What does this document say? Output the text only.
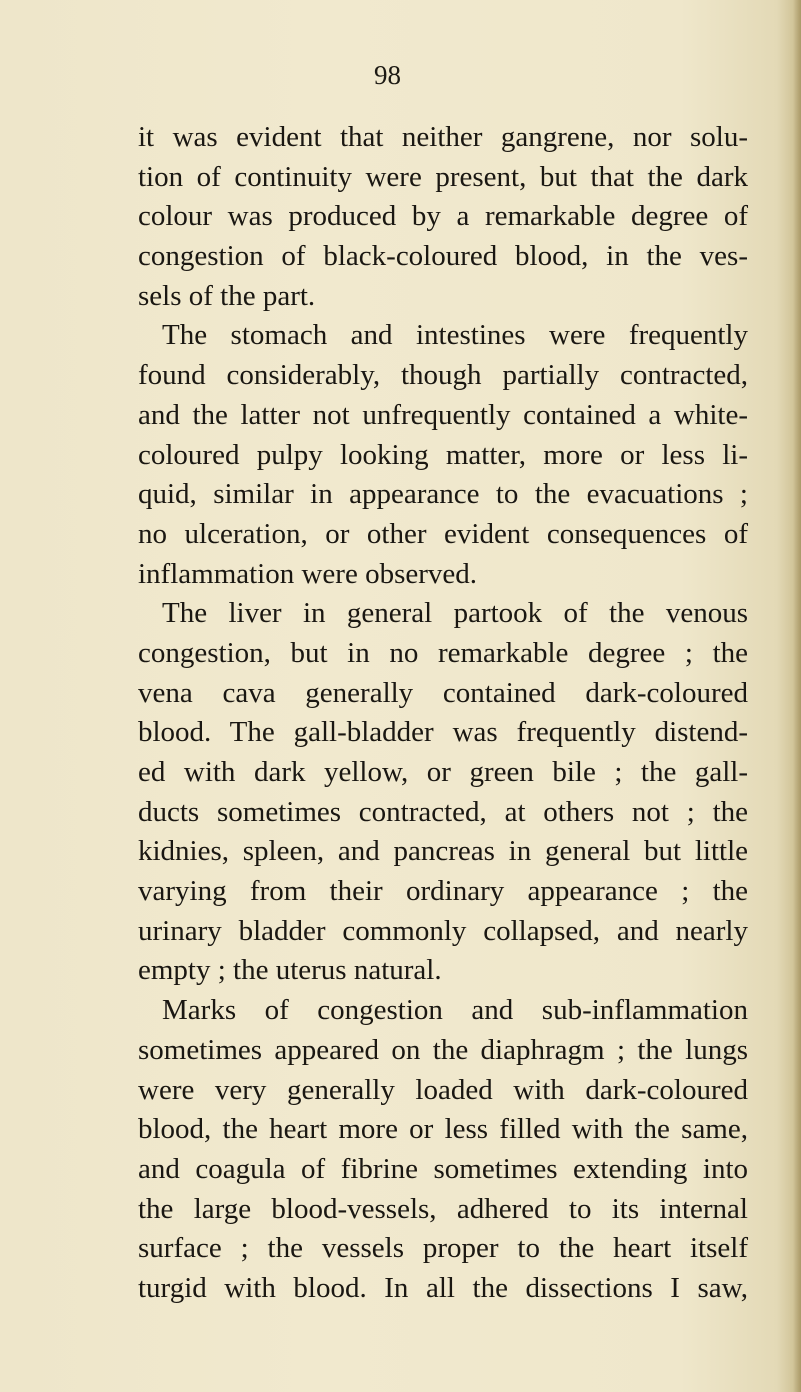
98
it was evident that neither gangrene, nor solu-
tion of continuity were present, but that the dark
colour was produced by a remarkable degree of
congestion of black-coloured blood, in the ves-
sels of the part.
The stomach and intestines were frequently
found considerably, though partially contracted,
and the latter not unfrequently contained a white-
coloured pulpy looking matter, more or less li-
quid, similar in appearance to the evacuations ;
no ulceration, or other evident consequences of
inflammation were observed.
The liver in general partook of the venous
congestion, but in no remarkable degree ; the
vena cava generally contained dark-coloured
blood. The gall-bladder was frequently distend-
ed with dark yellow, or green bile ; the gall-
ducts sometimes contracted, at others not ; the
kidnies, spleen, and pancreas in general but little
varying from their ordinary appearance ; the
urinary bladder commonly collapsed, and nearly
empty ; the uterus natural.
Marks of congestion and sub-inflammation
sometimes appeared on the diaphragm ; the lungs
were very generally loaded with dark-coloured
blood, the heart more or less filled with the same,
and coagula of fibrine sometimes extending into
the large blood-vessels, adhered to its internal
surface ; the vessels proper to the heart itself
turgid with blood. In all the dissections I saw,
